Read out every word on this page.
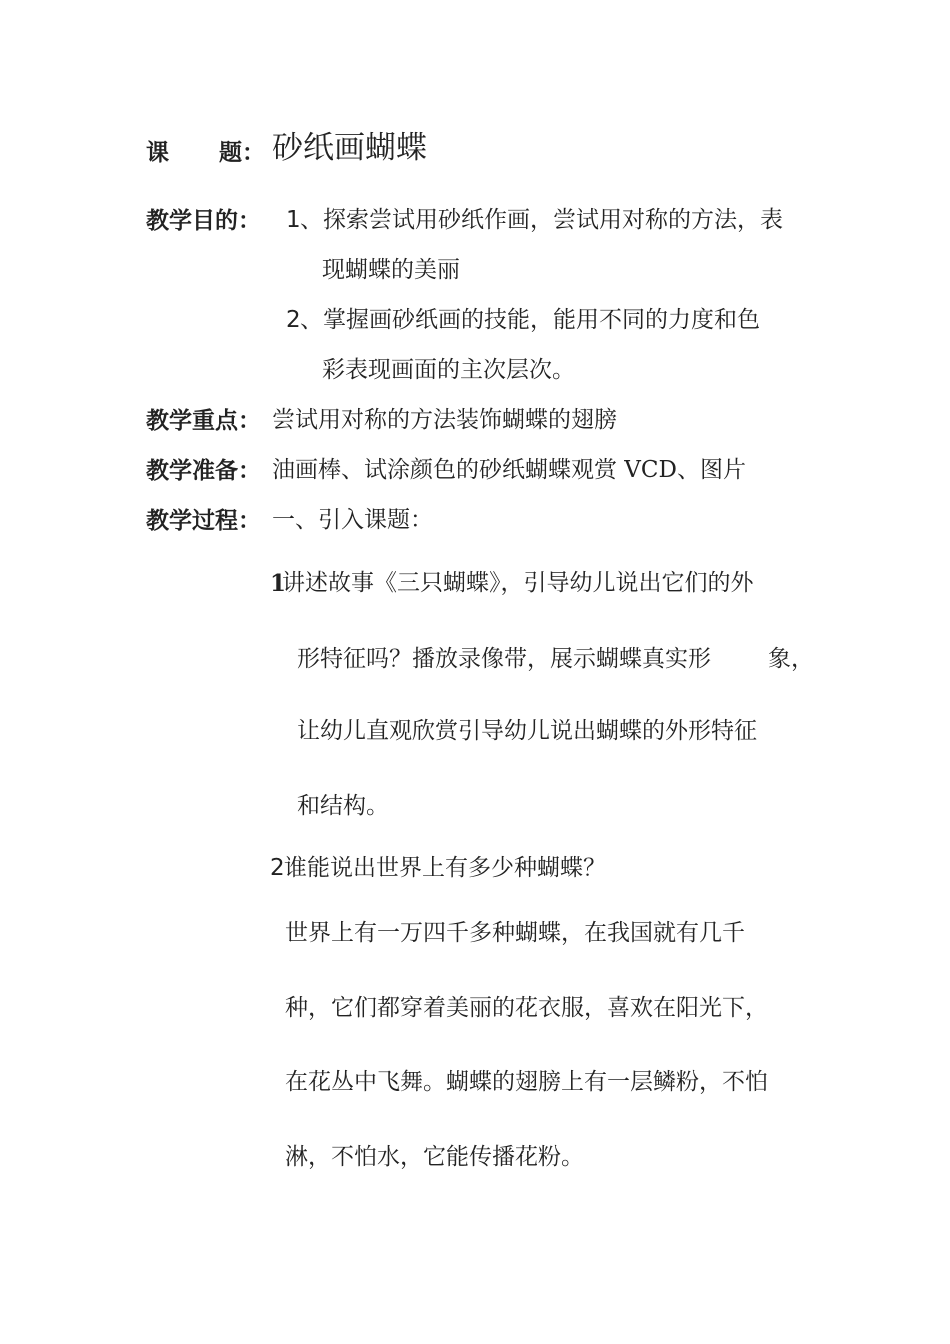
课 题： 砂纸画蝴蝶
教学目的： 1 、探索尝试用砂纸作画，尝试用对称的方法，表
现蝴蝶的美丽
2 、掌握画砂纸画的技能，能用不同的力度和色
彩表现画面的主次层次。
教学重点： 尝试用对称的方法装饰蝴蝶的翅膀
教学准备： 油画棒、试涂颜色的砂纸蝴蝶观赏 VCD、图片
教学过程： 一、引入课题：
1
讲述故事《三只蝴蝶》，引导幼儿说出它们的外
形特征吗？播放录像带，展示蝴蝶真实形 象，
让幼儿直观欣赏引导幼儿说出蝴蝶的外形特征
和结构。
2 谁能说出世界上有多少种蝴蝶？
世界上有一万四千多种蝴蝶，在我国就有几千
种，它们都穿着美丽的花衣服，喜欢在阳光下，
在花丛中飞舞。蝴蝶的翅膀上有一层鳞粉，不怕
淋，不怕水，它能传播花粉。
